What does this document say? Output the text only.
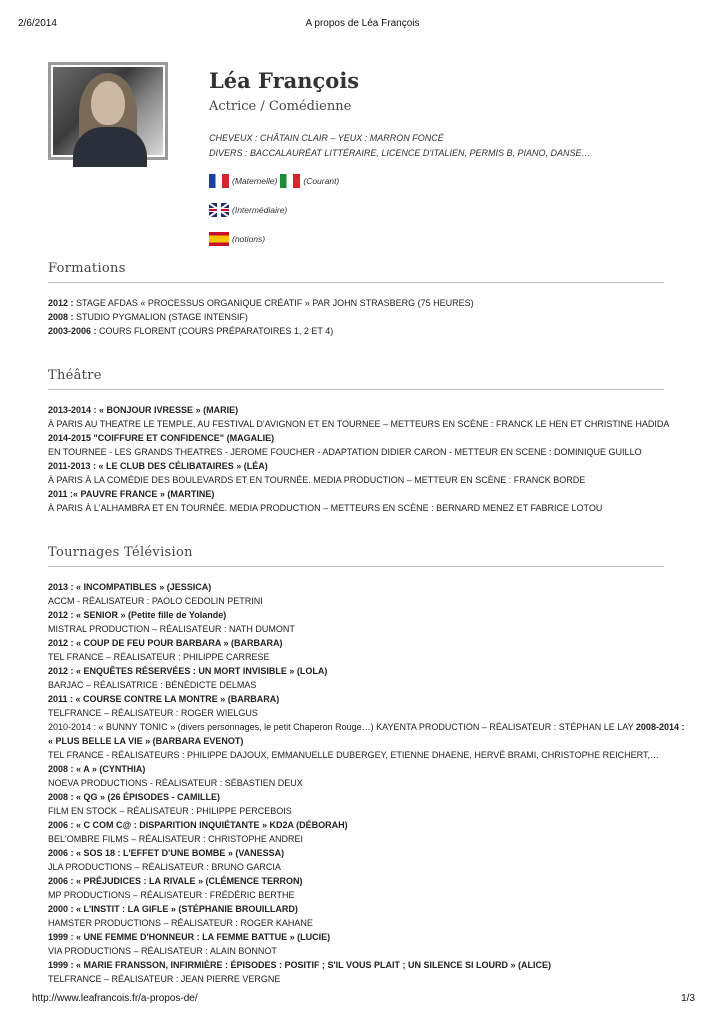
2/6/2014	A propos de Léa François
Léa François
Actrice / Comédienne
CHEVEUX : CHÂTAIN CLAIR – YEUX : MARRON FONCÉ
DIVERS : BACCALAURÉAT LITTÉRAIRE, LICENCE D'ITALIEN, PERMIS B, PIANO, DANSE…
(Maternelle)	(Courant)
(Intermédiaire)
(notions)
Formations
2012 : STAGE AFDAS « PROCESSUS ORGANIQUE CRÉATIF » PAR JOHN STRASBERG (75 HEURES)
2008 : STUDIO PYGMALION (STAGE INTENSIF)
2003-2006 : COURS FLORENT (COURS PRÉPARATOIRES 1, 2 ET 4)
Théâtre
2013-2014 : « BONJOUR IVRESSE » (MARIE)
À PARIS AU THEATRE LE TEMPLE, AU FESTIVAL D'AVIGNON ET EN TOURNEE – METTEURS EN SCÈNE : FRANCK LE HEN ET CHRISTINE HADIDA
2014-2015 "COIFFURE ET CONFIDENCE" (MAGALIE)
EN TOURNEE - LES GRANDS THEATRES - JEROME FOUCHER - ADAPTATION DIDIER CARON - METTEUR EN SCENE : DOMINIQUE GUILLO
2011-2013 : « LE CLUB DES CÉLIBATAIRES » (LÉA)
À PARIS À LA COMÉDIE DES BOULEVARDS ET EN TOURNÉE. MEDIA PRODUCTION – METTEUR EN SCÈNE : FRANCK BORDE
2011 :« PAUVRE FRANCE » (MARTINE)
À PARIS À L'ALHAMBRA ET EN TOURNÉE. MEDIA PRODUCTION – METTEURS EN SCÈNE : BERNARD MENEZ ET FABRICE LOTOU
Tournages Télévision
2013 : « INCOMPATIBLES » (JESSICA)
ACCM - RÉALISATEUR : PAOLO CEDOLIN PETRINI
2012 : « SENIOR » (Petite fille de Yolande)
MISTRAL PRODUCTION – RÉALISATEUR : NATH DUMONT
2012 : « COUP DE FEU POUR BARBARA » (BARBARA)
TEL FRANCE – RÉALISATEUR : PHILIPPE CARRESE
2012 : « ENQUÊTES RÉSERVÉES : UN MORT INVISIBLE » (LOLA)
BARJAC – RÉALISATRICE : BÉNÉDICTE DELMAS
2011 : « COURSE CONTRE LA MONTRE » (BARBARA)
TELFRANCE – RÉALISATEUR : ROGER WIELGUS
2010-2014 : « BUNNY TONIC » (divers personnages, le petit Chaperon Rouge…) KAYENTA PRODUCTION – RÉALISATEUR : STÉPHAN LE LAY 2008-2014 :
« PLUS BELLE LA VIE » (BARBARA EVENOT)
TEL FRANCE - RÉALISATEURS : PHILIPPE DAJOUX, EMMANUELLE DUBERGEY, ETIENNE DHAENE, HERVÉ BRAMI, CHRISTOPHE REICHERT,…
2008 : « A » (CYNTHIA)
NOEVA PRODUCTIONS - RÉALISATEUR : SÉBASTIEN DEUX
2008 : « QG » (26 ÉPISODES - CAMILLE)
FILM EN STOCK – RÉALISATEUR : PHILIPPE PERCEBOIS
2006 : « C COM C@ : DISPARITION INQUIÉTANTE » KD2A (DÉBORAH)
BEL'OMBRE FILMS – RÉALISATEUR : CHRISTOPHE ANDREI
2006 : « SOS 18 : L'EFFET D'UNE BOMBE » (VANESSA)
JLA PRODUCTIONS – RÉALISATEUR : BRUNO GARCIA
2006 : « PRÉJUDICES : LA RIVALE » (CLÉMENCE TERRON)
MP PRODUCTIONS – RÉALISATEUR : FRÉDÉRIC BERTHE
2000 : « L'INSTIT : LA GIFLE » (STÉPHANIE BROUILLARD)
HAMSTER PRODUCTIONS – RÉALISATEUR : ROGER KAHANE
1999 : « UNE FEMME D'HONNEUR : LA FEMME BATTUE » (LUCIE)
VIA PRODUCTIONS – RÉALISATEUR : ALAIN BONNOT
1999 : « MARIE FRANSSON, INFIRMIÈRE : ÉPISODES : POSITIF ; S'IL VOUS PLAIT ; UN SILENCE SI LOURD » (ALICE)
TELFRANCE – RÉALISATEUR : JEAN PIERRE VERGNE
http://www.leafrancois.fr/a-propos-de/	1/3
